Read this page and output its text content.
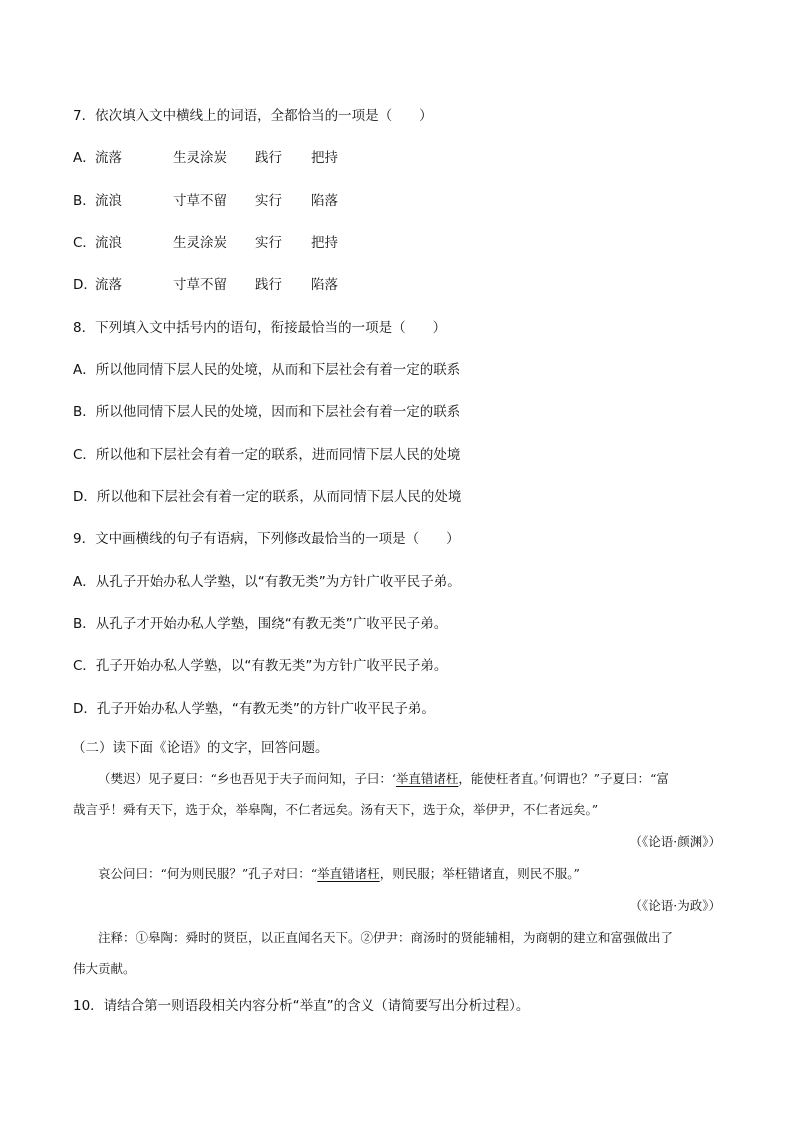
7．依次填入文中横线上的词语，全都恰当的一项是（　　）
A．流落	生灵涂炭 践行 把持
B．流浪	寸草不留 实行 陷落
C．流浪	生灵涂炭 实行 把持
D．流落	寸草不留 践行 陷落
8．下列填入文中括号内的语句，衔接最恰当的一项是（　　）
A．所以他同情下层人民的处境，从而和下层社会有着一定的联系
B．所以他同情下层人民的处境，因而和下层社会有着一定的联系
C．所以他和下层社会有着一定的联系，进而同情下层人民的处境
D．所以他和下层社会有着一定的联系，从而同情下层人民的处境
9．文中画横线的句子有语病，下列修改最恰当的一项是（　　）
A．从孔子开始办私人学塾，以“有教无类”为方针广收平民子弟。
B．从孔子才开始办私人学塾，围绕“有教无类”广收平民子弟。
C．孔子开始办私人学塾，以“有教无类”为方针广收平民子弟。
D．孔子开始办私人学塾，“有教无类”的方针广收平民子弟。
（二）读下面《论语》的文字，回答问题。
（樊迟）见子夏曰：“乡也吾见于夫子而问知，子曰：‘举直错诸枉，能使枉者直。’何谓也？”子夏曰：“富
哉言乎！舜有天下，选于众，举皋陶，不仁者远矣。汤有天下，选于众，举伊尹，不仁者远矣。”
（《论语·颜渊》）
哀公问曰：“何为则民服？”孔子对曰：“举直错诸枉，则民服；举枉错诸直，则民不服。”
（《论语·为政》）
注释：①皋陶：舜时的贤臣，以正直闻名天下。②伊尹：商汤时的贤能辅相，为商朝的建立和富强做出了
伟大贡献。
10．请结合第一则语段相关内容分析“举直”的含义（请简要写出分析过程）。
